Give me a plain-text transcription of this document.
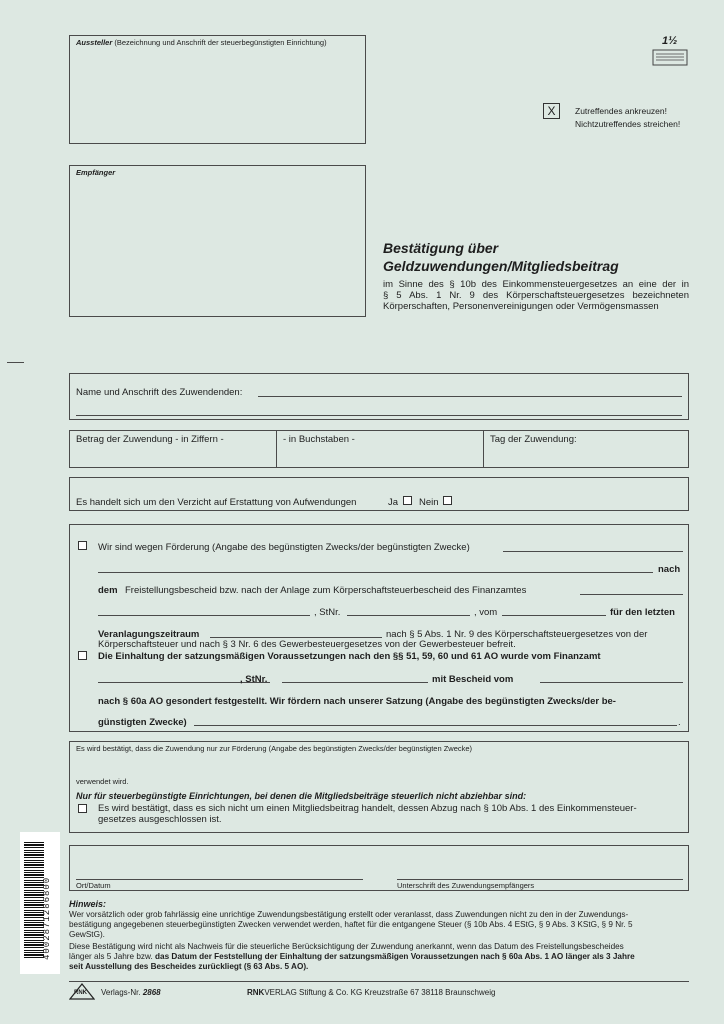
Aussteller (Bezeichnung und Anschrift der steuerbegünstigten Einrichtung)	1½
X	Zutreffendes ankreuzen!
Nichtzutreffendes streichen!
Empfänger
Bestätigung über
Geldzuwendungen/Mitgliedsbeitrag
im Sinne des § 10b des Einkommensteuergesetzes an eine der in
§ 5 Abs. 1 Nr. 9 des Körperschaftsteuergesetzes bezeichneten
Körperschaften, Personenvereinigungen oder Vermögensmassen
Name und Anschrift des Zuwendenden:
Betrag der Zuwendung - in Ziffern -	- in Buchstaben -	Tag der Zuwendung:
Es handelt sich um den Verzicht auf Erstattung von Aufwendungen	Ja Nein
Wir sind wegen Förderung (Angabe des begünstigten Zwecks/der begünstigten Zwecke)
nach
dem Freistellungsbescheid bzw. nach der Anlage zum Körperschaftsteuerbescheid des Finanzamtes
, StNr.	, vom	für den letzten
Veranlagungszeitraum	nach § 5 Abs. 1 Nr. 9 des Körperschaftsteuergesetzes von der
Körperschaftsteuer und nach § 3 Nr. 6 des Gewerbesteuergesetzes von der Gewerbesteuer befreit.
Die Einhaltung der satzungsmäßigen Voraussetzungen nach den §§ 51, 59, 60 und 61 AO wurde vom Finanzamt
, StNr.	mit Bescheid vom
nach § 60a AO gesondert festgestellt. Wir fördern nach unserer Satzung (Angabe des begünstigten Zwecks/der be-
günstigten Zwecke)	.
Es wird bestätigt, dass die Zuwendung nur zur Förderung (Angabe des begünstigten Zwecks/der begünstigten Zwecke)
verwendet wird.
Nur für steuerbegünstigte Einrichtungen, bei denen die Mitgliedsbeiträge steuerlich nicht abziehbar sind:
Es wird bestätigt, dass es sich nicht um einen Mitgliedsbeitrag handelt, dessen Abzug nach § 10b Abs. 1 des Einkommensteuer-
gesetzes ausgeschlossen ist.
Ort/Datum	Unterschrift des Zuwendungsempfängers
Hinweis:
Wer vorsätzlich oder grob fahrlässig eine unrichtige Zuwendungsbestätigung erstellt oder veranlasst, dass Zuwendungen nicht zu den in der Zuwendungs-
bestätigung angegebenen steuerbegünstigten Zwecken verwendet werden, haftet für die entgangene Steuer (§ 10b Abs. 4 EStG, § 9 Abs. 3 KStG, § 9 Nr. 5
GewStG).
Diese Bestätigung wird nicht als Nachweis für die steuerliche Berücksichtigung der Zuwendung anerkannt, wenn das Datum des Freistellungsbescheides
länger als 5 Jahre bzw. das Datum der Feststellung der Einhaltung der satzungsmäßigen Voraussetzungen nach § 60a Abs. 1 AO länger als 3 Jahre
seit Ausstellung des Bescheides zurückliegt (§ 63 Abs. 5 AO).
4002871286800
RNK Verlags-Nr. 2868	RNKVERLAG Stiftung & Co. KG Kreuzstraße 67 38118 Braunschweig
